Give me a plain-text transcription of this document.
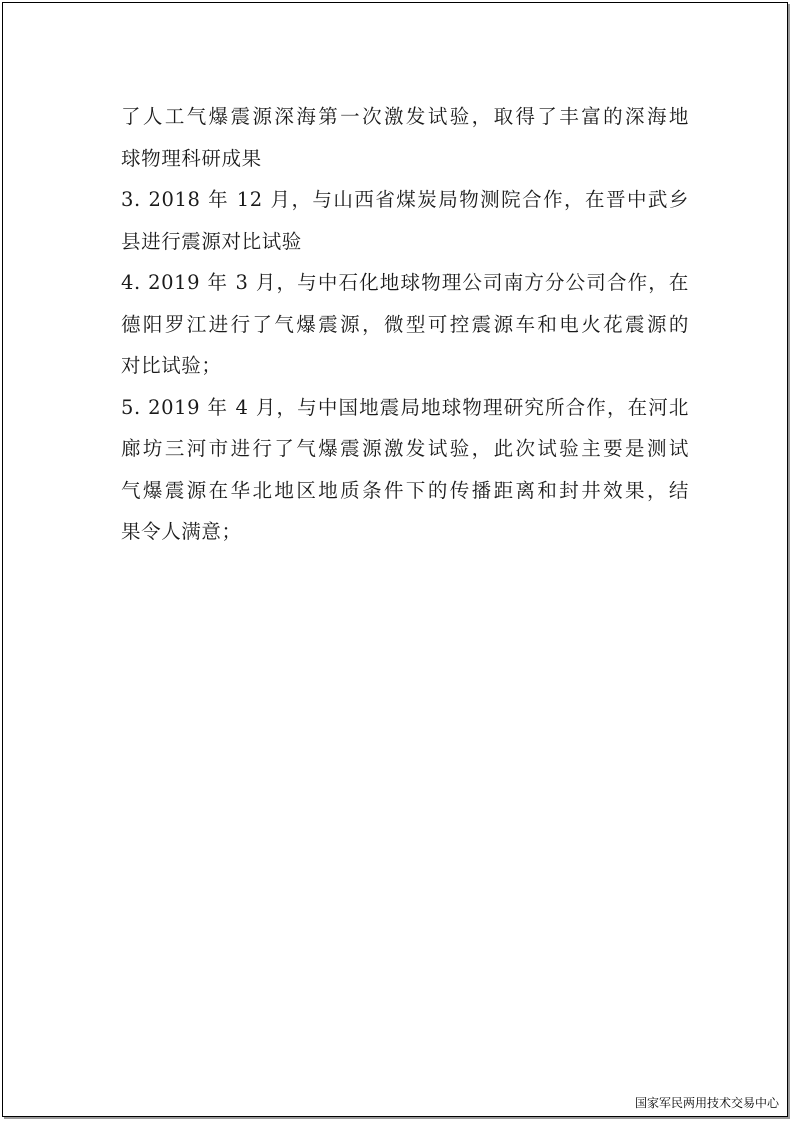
了人工气爆震源深海第一次激发试验，取得了丰富的深海地
球物理科研成果
3. 2018 年 12 月，与山西省煤炭局物测院合作，在晋中武乡
县进行震源对比试验
4. 2019 年 3 月，与中石化地球物理公司南方分公司合作，在
德阳罗江进行了气爆震源，微型可控震源车和电火花震源的
对比试验；
5. 2019 年 4 月，与中国地震局地球物理研究所合作，在河北
廊坊三河市进行了气爆震源激发试验，此次试验主要是测试
气爆震源在华北地区地质条件下的传播距离和封井效果，结
果令人满意；
国家军民两用技术交易中心
